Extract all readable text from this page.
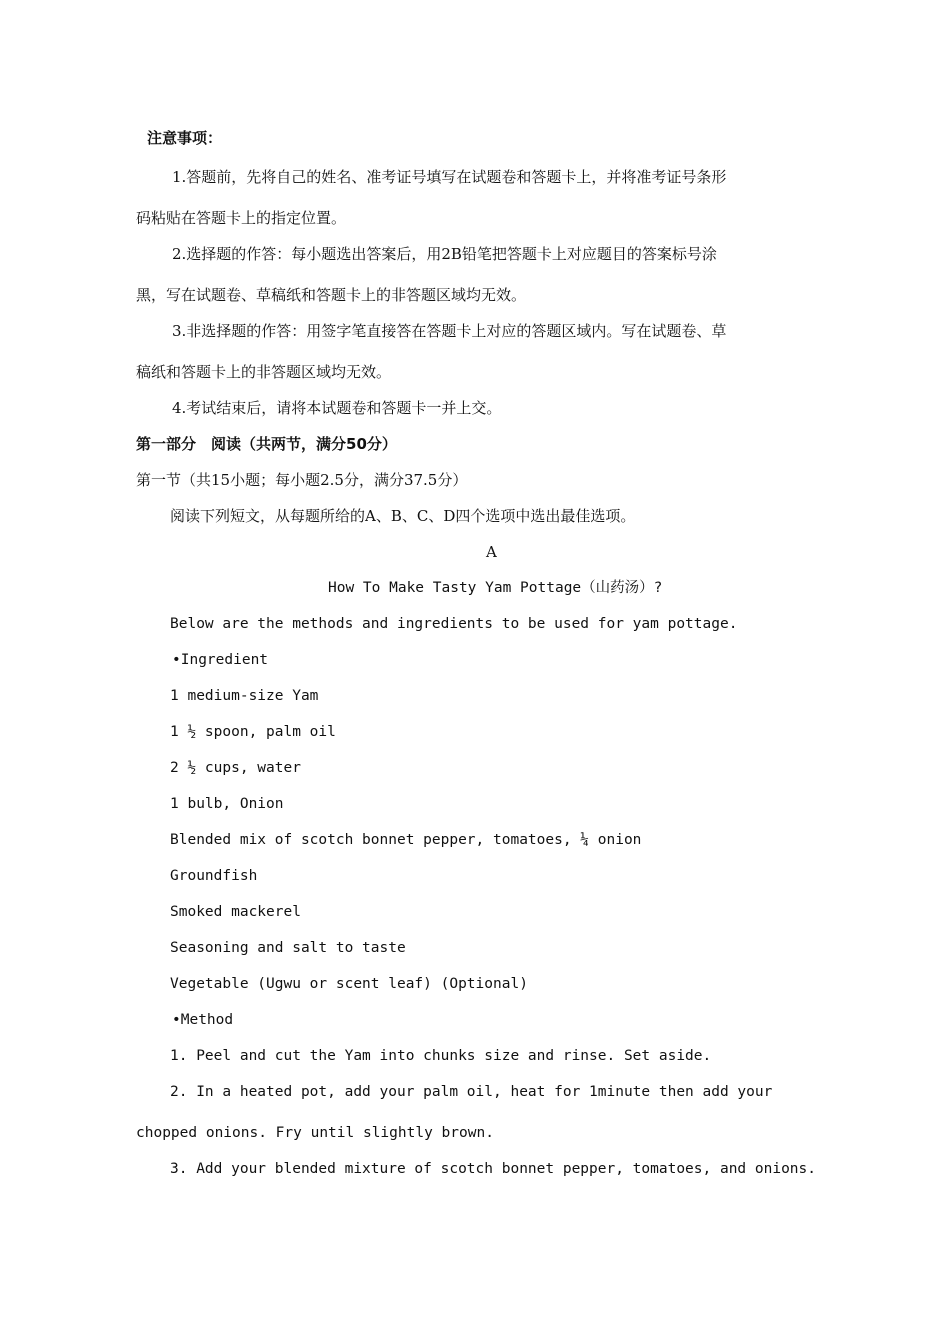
注意事项：
1.答题前，先将自己的姓名、准考证号填写在试题卷和答题卡上，并将准考证号条形
码粘贴在答题卡上的指定位置。
2.选择题的作答：每小题选出答案后，用2B铅笔把答题卡上对应题目的答案标号涂
黑，写在试题卷、草稿纸和答题卡上的非答题区域均无效。
3.非选择题的作答：用签字笔直接答在答题卡上对应的答题区域内。写在试题卷、草
稿纸和答题卡上的非答题区域均无效。
4.考试结束后，请将本试题卷和答题卡一并上交。
第一部分　阅读（共两节，满分50分）
第一节（共15小题；每小题2.5分，满分37.5分）
阅读下列短文，从每题所给的A、B、C、D四个选项中选出最佳选项。
A
How To Make Tasty Yam Pottage（山药汤）?
Below are the methods and ingredients to be used for yam pottage.
•Ingredient
1 medium-size Yam
1 ½ spoon, palm oil
2 ½ cups, water
1 bulb, Onion
Blended mix of scotch bonnet pepper, tomatoes, ¼ onion
Groundfish
Smoked mackerel
Seasoning and salt to taste
Vegetable (Ugwu or scent leaf) (Optional)
•Method
1. Peel and cut the Yam into chunks size and rinse. Set aside.
2. In a heated pot, add your palm oil, heat for 1minute then add your
chopped onions. Fry until slightly brown.
3. Add your blended mixture of scotch bonnet pepper, tomatoes, and onions.
